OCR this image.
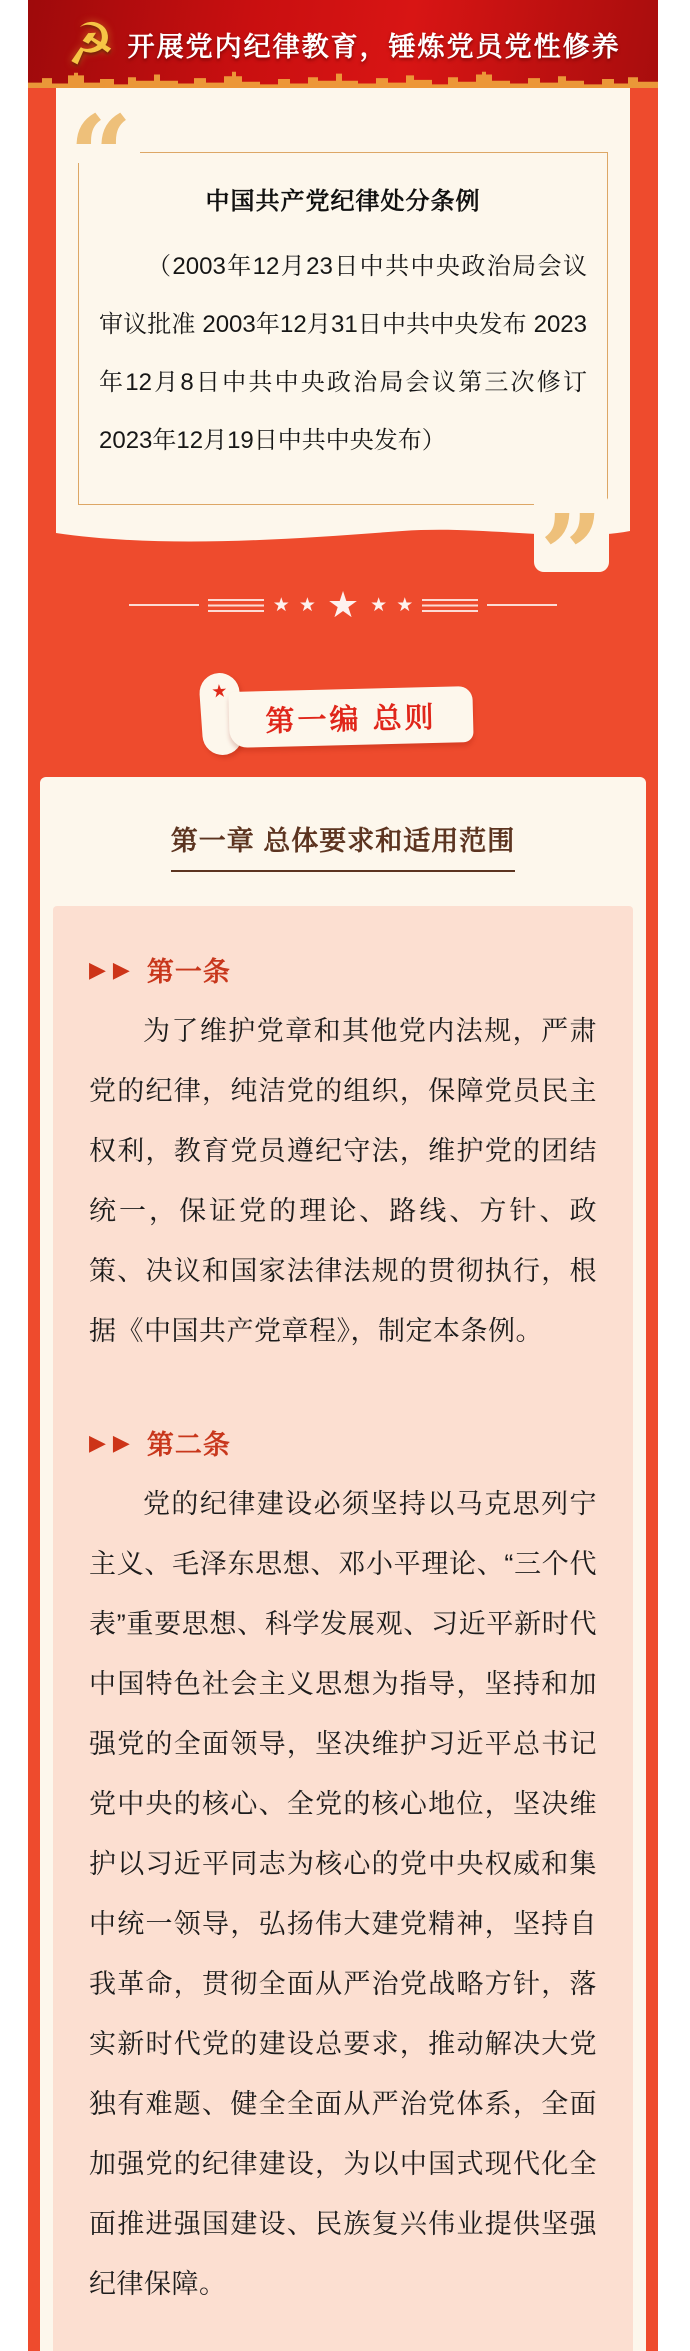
☭ 开展党内纪律教育，锤炼党员党性修养
“	中国共产党纪律处分条例

（2003年12月23日中共中央政治局会议审议批准 2003年12月31日中共中央发布 2023年12月8日中共中央政治局会议第三次修订 2023年12月19日中共中央发布）

”
★ ★ ★ ★ ★
★
第一编 总则
第一章 总体要求和适用范围
▶▶ 第一条

为了维护党章和其他党内法规，严肃党的纪律，纯洁党的组织，保障党员民主权利，教育党员遵纪守法，维护党的团结统一，保证党的理论、路线、方针、政策、决议和国家法律法规的贯彻执行，根据《中国共产党章程》，制定本条例。

▶▶ 第二条

党的纪律建设必须坚持以马克思列宁主义、毛泽东思想、邓小平理论、“三个代表”重要思想、科学发展观、习近平新时代中国特色社会主义思想为指导，坚持和加强党的全面领导，坚决维护习近平总书记党中央的核心、全党的核心地位，坚决维护以习近平同志为核心的党中央权威和集中统一领导，弘扬伟大建党精神，坚持自我革命，贯彻全面从严治党战略方针，落实新时代党的建设总要求，推动解决大党独有难题、健全全面从严治党体系，全面加强党的纪律建设，为以中国式现代化全面推进强国建设、民族复兴伟业提供坚强纪律保障。
